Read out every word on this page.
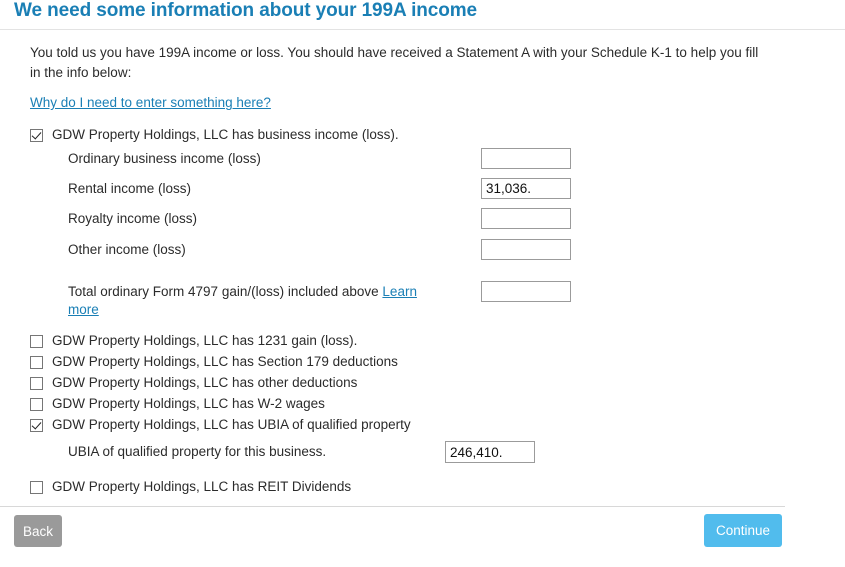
We need some information about your 199A income
You told us you have 199A income or loss. You should have received a Statement A with your Schedule K-1 to help you fill in the info below:
Why do I need to enter something here?
GDW Property Holdings, LLC has business income (loss).
Ordinary business income (loss)
Rental income (loss)
31,036.
Royalty income (loss)
Other income (loss)
Total ordinary Form 4797 gain/(loss) included above Learn more
GDW Property Holdings, LLC has 1231 gain (loss).
GDW Property Holdings, LLC has Section 179 deductions
GDW Property Holdings, LLC has other deductions
GDW Property Holdings, LLC has W-2 wages
GDW Property Holdings, LLC has UBIA of qualified property
UBIA of qualified property for this business.
246,410.
GDW Property Holdings, LLC has REIT Dividends
Back	Continue
